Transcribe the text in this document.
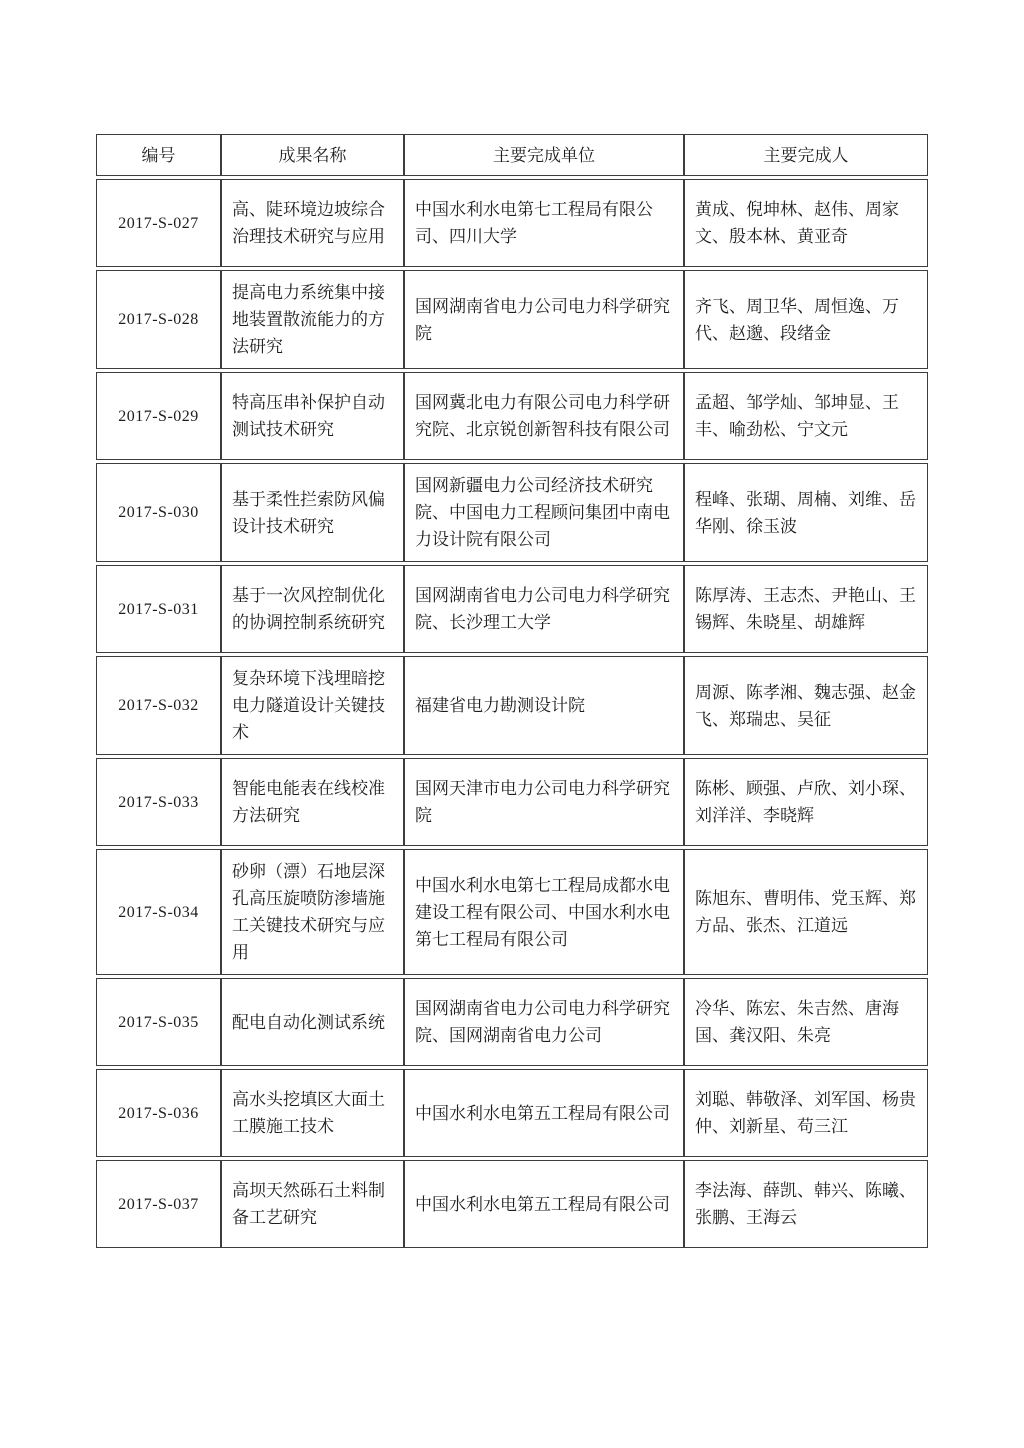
编号	成果名称	主要完成单位	主要完成人
2017-S-027	高、陡环境边坡综合治理技术研究与应用	中国水利水电第七工程局有限公司、四川大学	黄成、倪坤林、赵伟、周家文、殷本林、黄亚奇
2017-S-028	提高电力系统集中接地装置散流能力的方法研究	国网湖南省电力公司电力科学研究院	齐飞、周卫华、周恒逸、万代、赵邈、段绪金
2017-S-029	特高压串补保护自动测试技术研究	国网冀北电力有限公司电力科学研究院、北京锐创新智科技有限公司	孟超、邹学灿、邹坤显、王丰、喻劲松、宁文元
2017-S-030	基于柔性拦索防风偏设计技术研究	国网新疆电力公司经济技术研究院、中国电力工程顾问集团中南电力设计院有限公司	程峰、张瑚、周楠、刘维、岳华刚、徐玉波
2017-S-031	基于一次风控制优化的协调控制系统研究	国网湖南省电力公司电力科学研究院、长沙理工大学	陈厚涛、王志杰、尹艳山、王锡辉、朱晓星、胡雄辉
2017-S-032	复杂环境下浅埋暗挖电力隧道设计关键技术	福建省电力勘测设计院	周源、陈孝湘、魏志强、赵金飞、郑瑞忠、吴征
2017-S-033	智能电能表在线校准方法研究	国网天津市电力公司电力科学研究院	陈彬、顾强、卢欣、刘小琛、刘洋洋、李晓辉
2017-S-034	砂卵（漂）石地层深孔高压旋喷防渗墙施工关键技术研究与应用	中国水利水电第七工程局成都水电建设工程有限公司、中国水利水电第七工程局有限公司	陈旭东、曹明伟、党玉辉、郑方品、张杰、江道远
2017-S-035	配电自动化测试系统	国网湖南省电力公司电力科学研究院、国网湖南省电力公司	冷华、陈宏、朱吉然、唐海国、龚汉阳、朱亮
2017-S-036	高水头挖填区大面土工膜施工技术	中国水利水电第五工程局有限公司	刘聪、韩敬泽、刘军国、杨贵仲、刘新星、苟三江
2017-S-037	高坝天然砾石土料制备工艺研究	中国水利水电第五工程局有限公司	李法海、薛凯、韩兴、陈曦、张鹏、王海云
